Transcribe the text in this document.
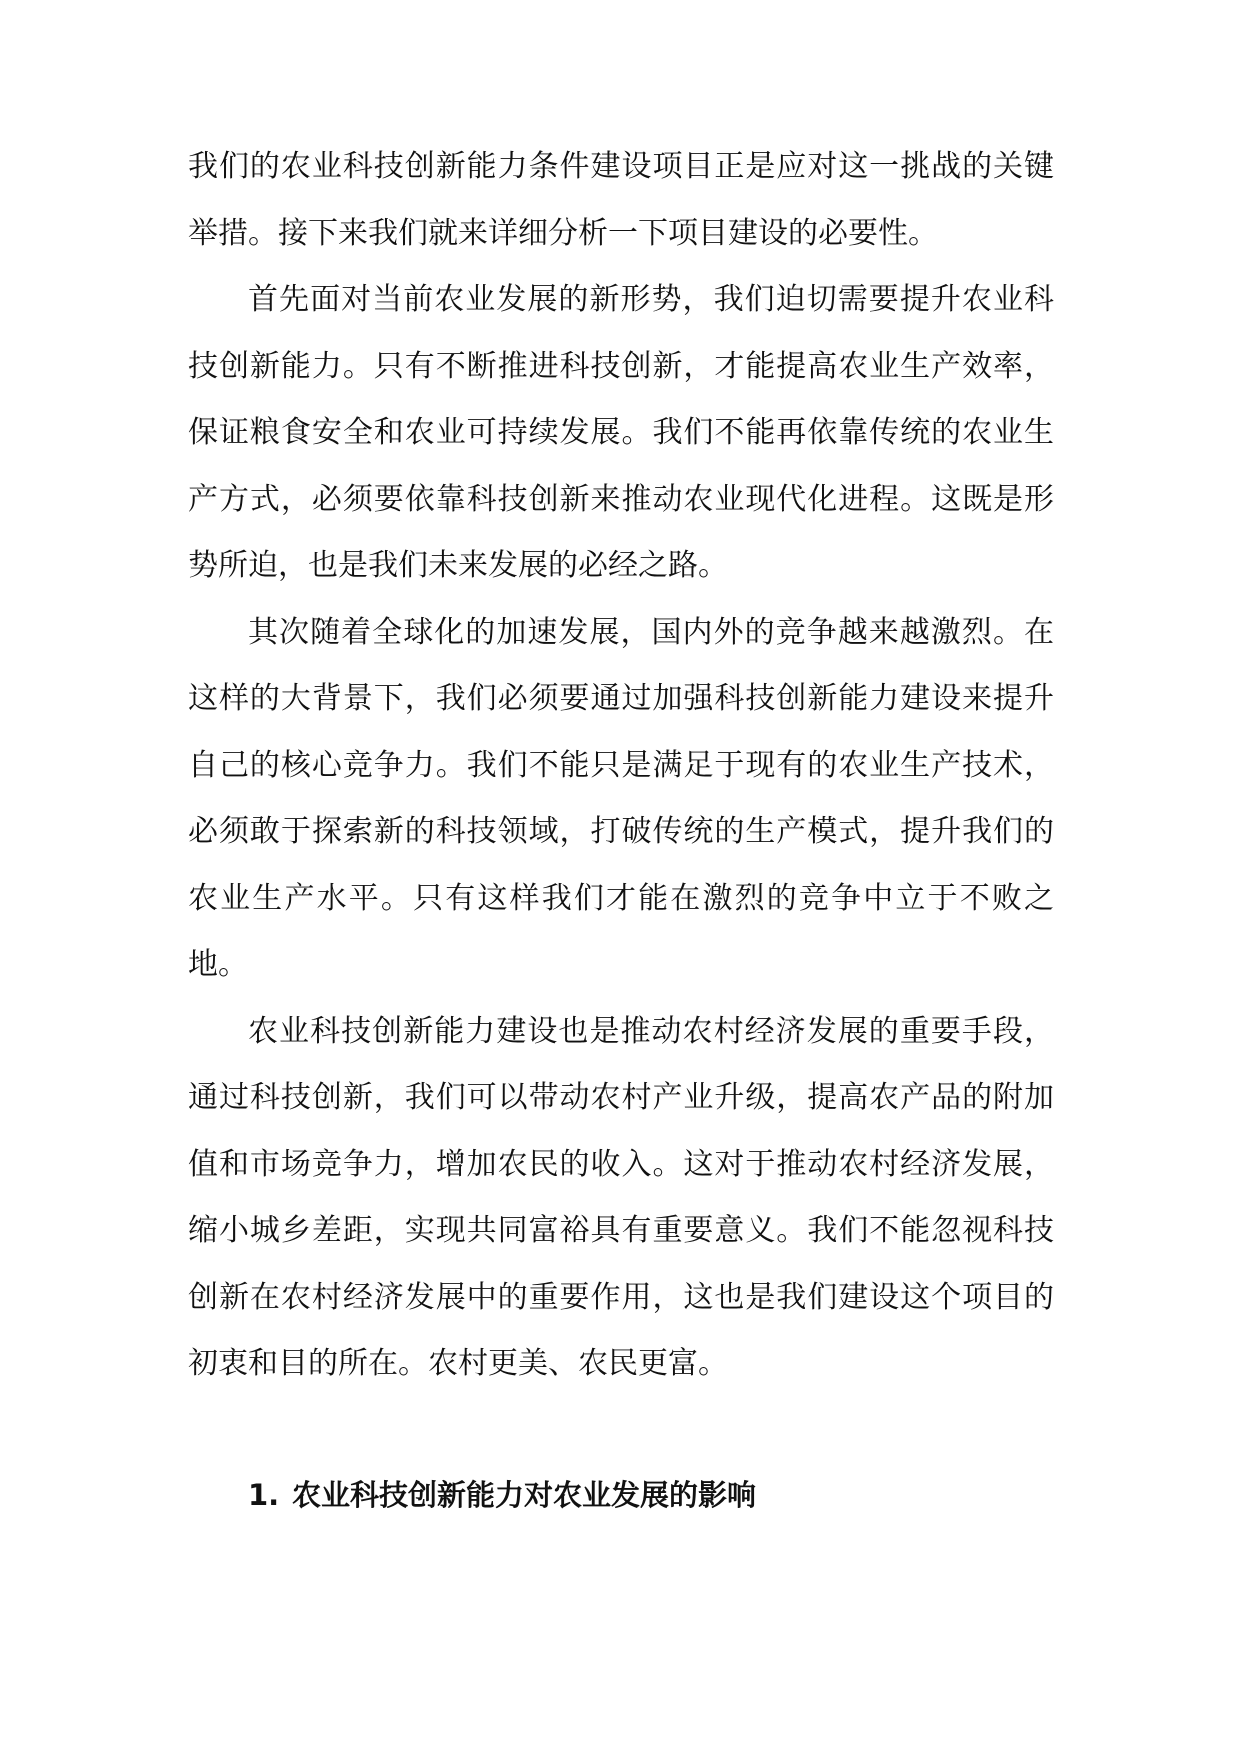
我们的农业科技创新能力条件建设项目正是应对这一挑战的关键举措。接下来我们就来详细分析一下项目建设的必要性。

首先面对当前农业发展的新形势，我们迫切需要提升农业科技创新能力。只有不断推进科技创新，才能提高农业生产效率，保证粮食安全和农业可持续发展。我们不能再依靠传统的农业生产方式，必须要依靠科技创新来推动农业现代化进程。这既是形势所迫，也是我们未来发展的必经之路。

其次随着全球化的加速发展，国内外的竞争越来越激烈。在这样的大背景下，我们必须要通过加强科技创新能力建设来提升自己的核心竞争力。我们不能只是满足于现有的农业生产技术，必须敢于探索新的科技领域，打破传统的生产模式，提升我们的农业生产水平。只有这样我们才能在激烈的竞争中立于不败之地。

农业科技创新能力建设也是推动农村经济发展的重要手段，通过科技创新，我们可以带动农村产业升级，提高农产品的附加值和市场竞争力，增加农民的收入。这对于推动农村经济发展，缩小城乡差距，实现共同富裕具有重要意义。我们不能忽视科技创新在农村经济发展中的重要作用，这也是我们建设这个项目的初衷和目的所在。农村更美、农民更富。

1. 农业科技创新能力对农业发展的影响
